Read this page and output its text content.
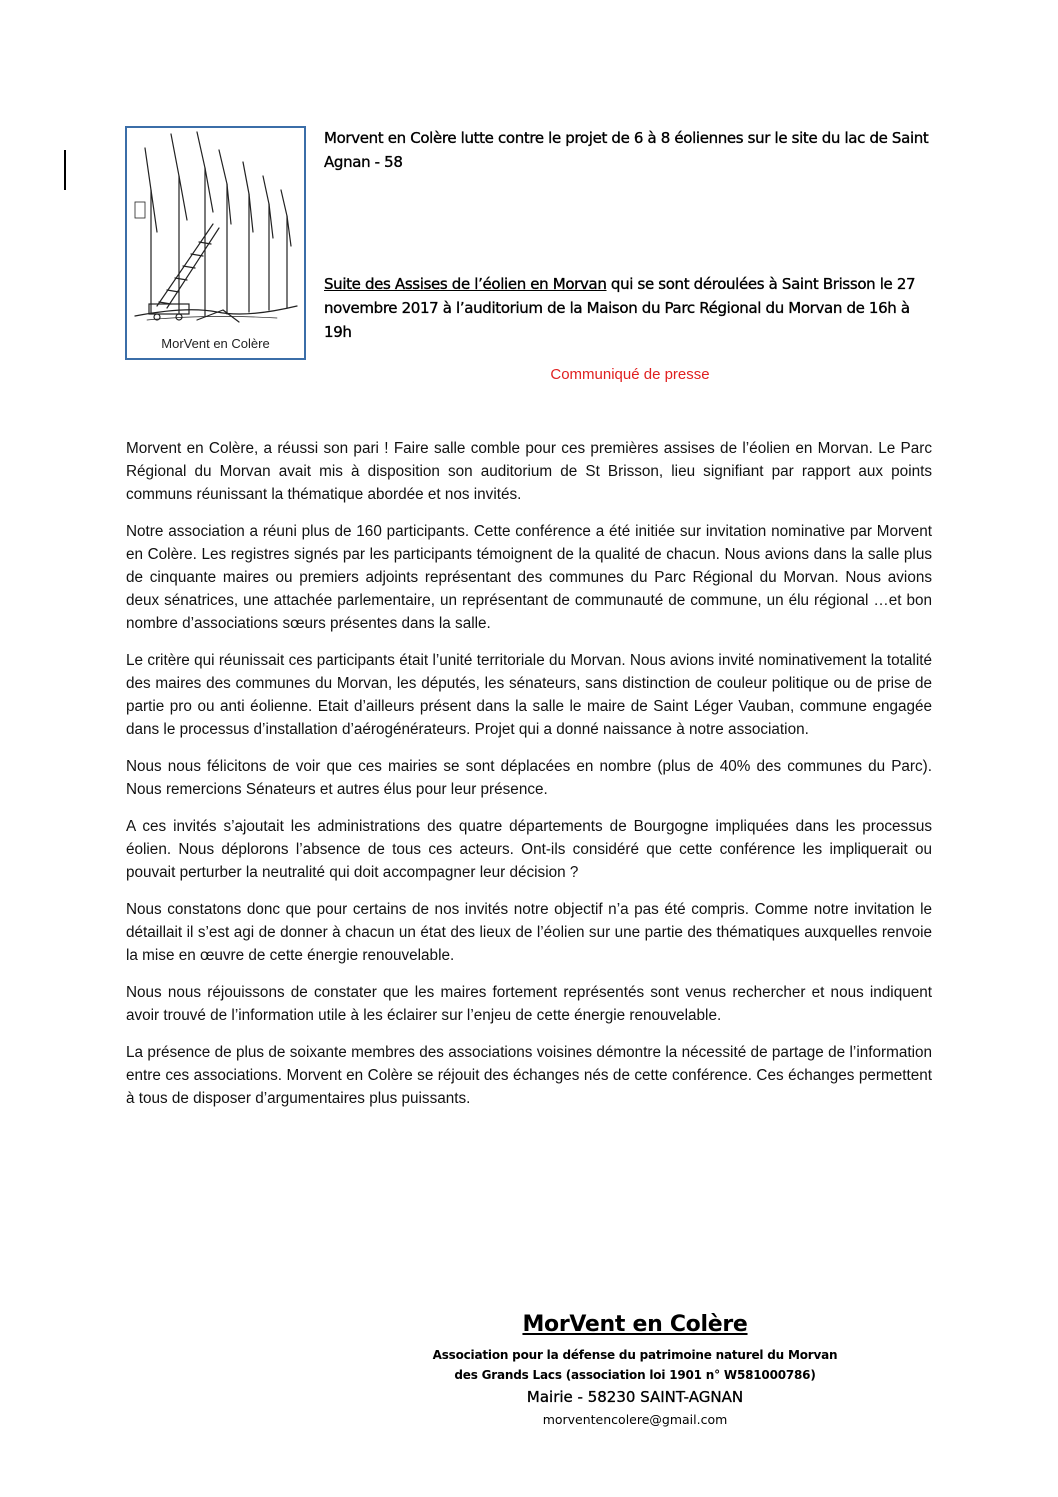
MorVent en Colère
Morvent en Colère lutte contre le projet de 6 à 8 éoliennes sur le site du lac de Saint Agnan - 58
Suite des Assises de l’éolien en Morvan qui se sont déroulées à Saint Brisson le 27 novembre 2017 à l’auditorium de la Maison du Parc Régional du Morvan de 16h à 19h
Communiqué de presse

Morvent en Colère, a réussi son pari ! Faire salle comble pour ces premières assises de l’éolien en Morvan. Le Parc Régional du Morvan avait mis à disposition son auditorium de St Brisson, lieu signifiant par rapport aux points communs réunissant la thématique abordée et nos invités.

Notre association a réuni plus de 160 participants. Cette conférence a été initiée sur invitation nominative par Morvent en Colère. Les registres signés par les participants témoignent de la qualité de chacun. Nous avions dans la salle plus de cinquante maires ou premiers adjoints représentant des communes du Parc Régional du Morvan. Nous avions deux sénatrices, une attachée parlementaire, un représentant de communauté de commune, un élu régional …et bon nombre d’associations sœurs présentes dans la salle.

Le critère qui réunissait ces participants était l’unité territoriale du Morvan. Nous avions invité nominativement la totalité des maires des communes du Morvan, les députés, les sénateurs, sans distinction de couleur politique ou de prise de partie pro ou anti éolienne. Etait d’ailleurs présent dans la salle le maire de Saint Léger Vauban, commune engagée dans le processus d’installation d’aérogénérateurs. Projet qui a donné naissance à notre association.

Nous nous félicitons de voir que ces mairies se sont déplacées en nombre (plus de 40% des communes du Parc). Nous remercions Sénateurs et autres élus pour leur présence.

A ces invités s’ajoutait les administrations des quatre départements de Bourgogne impliquées dans les processus éolien. Nous déplorons l’absence de tous ces acteurs. Ont-ils considéré que cette conférence les impliquerait ou pouvait perturber la neutralité qui doit accompagner leur décision ?

Nous constatons donc que pour certains de nos invités notre objectif n’a pas été compris. Comme notre invitation le détaillait il s’est agi de donner à chacun un état des lieux de l’éolien sur une partie des thématiques auxquelles renvoie la mise en œuvre de cette énergie renouvelable.

Nous nous réjouissons de constater que les maires fortement représentés sont venus rechercher et nous indiquent avoir trouvé de l’information utile à les éclairer sur l’enjeu de cette énergie renouvelable.

La présence de plus de soixante membres des associations voisines démontre la nécessité de partage de l’information entre ces associations. Morvent en Colère se réjouit des échanges nés de cette conférence. Ces échanges permettent à tous de disposer d’argumentaires plus puissants.

MorVent en Colère
Association pour la défense du patrimoine naturel du Morvan
des Grands Lacs (association loi 1901 n° W581000786)
Mairie - 58230 SAINT-AGNAN
morventencolere@gmail.com
